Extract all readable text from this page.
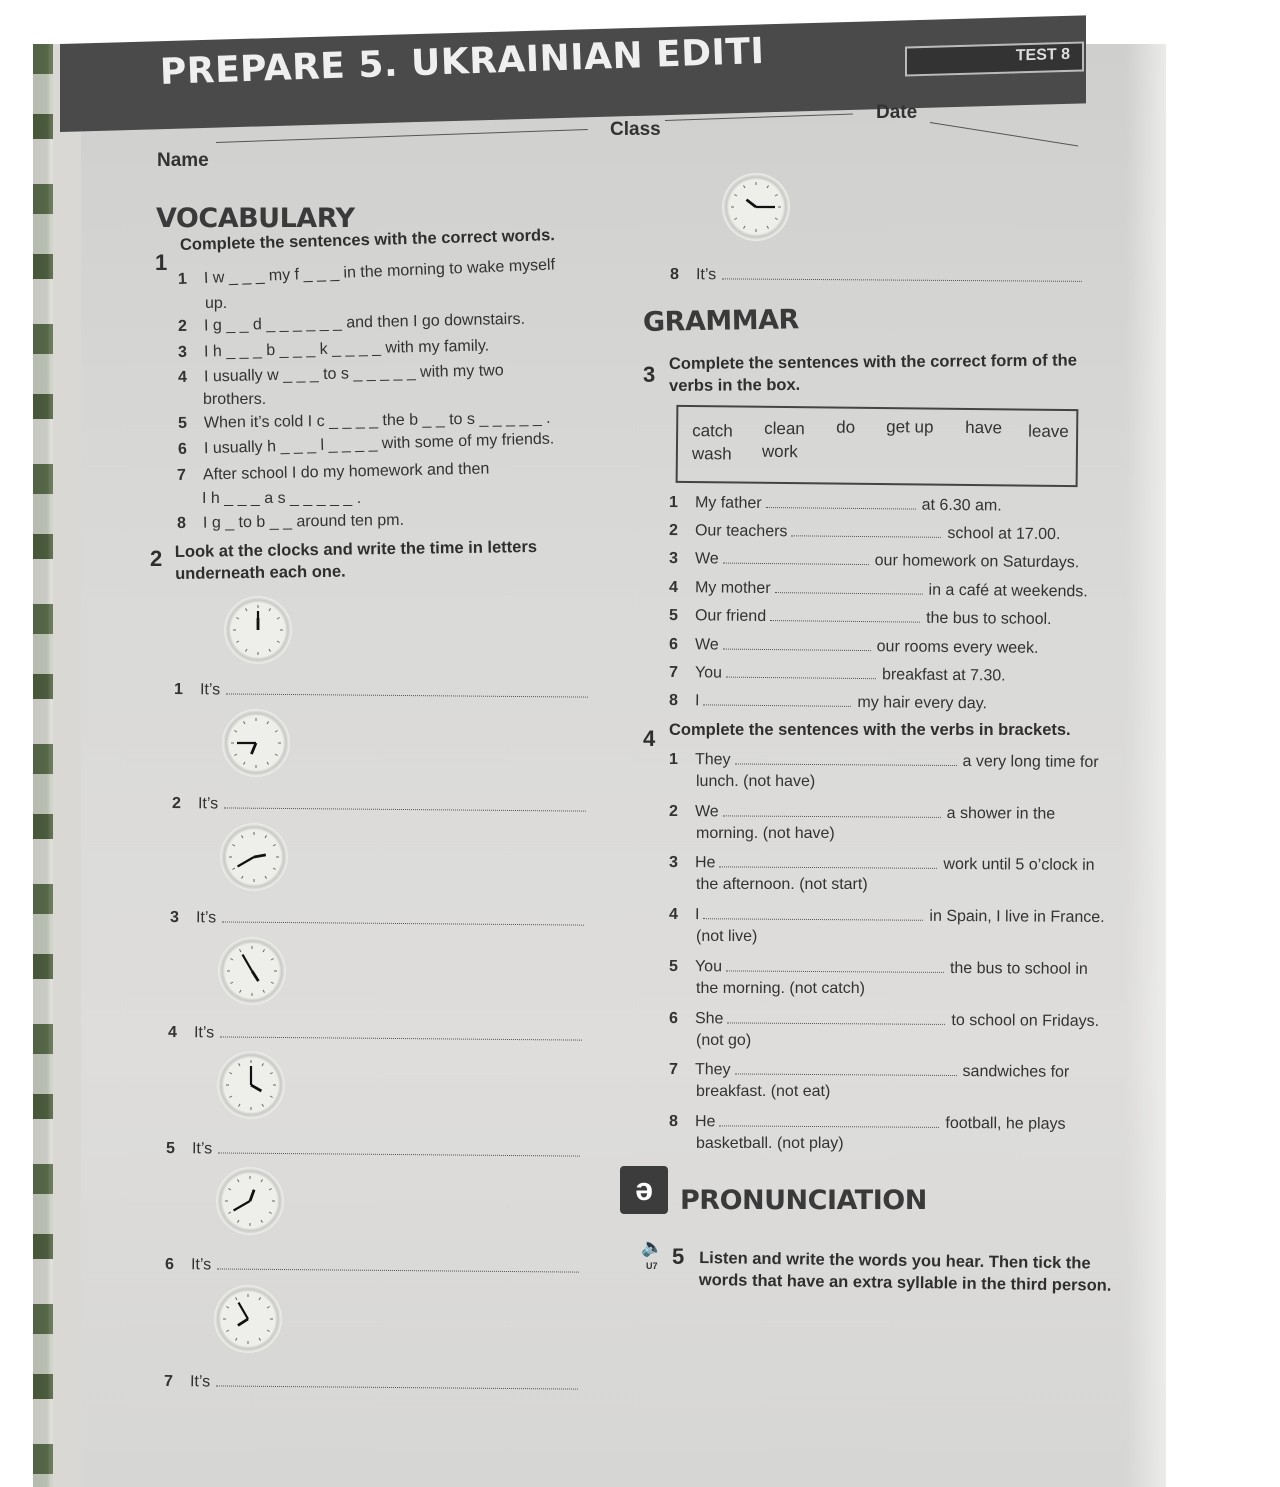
PREPARE 5. UKRAINIAN EDITI	TEST 8
Name
Class
Date
VOCABULARY
1
Complete the sentences with the correct words.
1 I w _ _ _ my f _ _ _ in the morning to wake myself
up.
2 I g _ _ d _ _ _ _ _ _ and then I go downstairs.
3 I h _ _ _ b _ _ _ k _ _ _ _ with my family.
4 I usually w _ _ _ to s _ _ _ _ _ with my two
brothers.
5 When it’s cold I c _ _ _ _ the b _ _ to s _ _ _ _ _ .
6 I usually h _ _ _ l _ _ _ _ with some of my friends.
7 After school I do my homework and then
I h _ _ _ a s _ _ _ _ _ .
8 I g _ to b _ _ around ten pm.
2 Look at the clocks and write the time in letters
underneath each one.
1 It’s
2 It’s
3 It’s
4 It’s
5 It’s
6 It’s
7 It’s
8 It’s
GRAMMAR
3 Complete the sentences with the correct form of the
verbs in the box.
catch clean do get up have leave
wash work
1 My father	at 6.30 am.
2 Our teachers	school at 17.00.
3 We	our homework on Saturdays.
4 My mother	in a café at weekends.
5 Our friend	the bus to school.
6 We	our rooms every week.
7 You	breakfast at 7.30.
8 I	my hair every day.
4 Complete the sentences with the verbs in brackets.
1 They	a very long time for
lunch. (not have)
2 We	a shower in the
morning. (not have)
3 He	work until 5 o’clock in
the afternoon. (not start)
4 I	in Spain, I live in France.
(not live)
5 You	the bus to school in
the morning. (not catch)
6 She	to school on Fridays.
(not go)
7 They	sandwiches for
breakfast. (not eat)
8 He	football, he plays
basketball. (not play)
ə	PRONUNCIATION
🔈
U7 5 Listen and write the words you hear. Then tick the
words that have an extra syllable in the third person.
